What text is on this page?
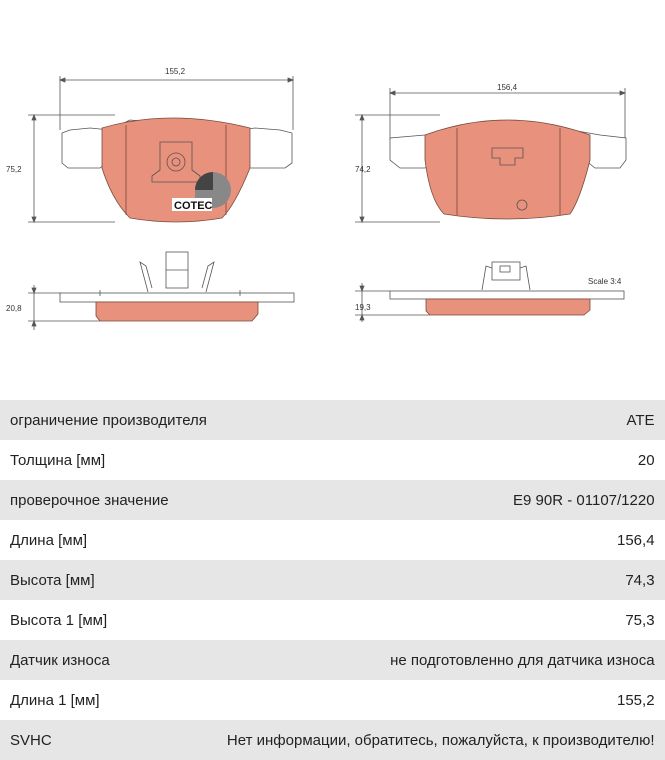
155,2
75,2
COTEC
156,4
74,2
20,8	19,3
Scale 3:4
ограничение производителя	ATE
Толщина [мм]	20
проверочное значение	E9 90R - 01107/1220
Длина [мм]	156,4
Высота [мм]	74,3
Высота 1 [мм]	75,3
Датчик износа	не подготовленно для датчика износа
Длина 1 [мм]	155,2
SVHC	Нет информации, обратитесь, пожалуйста, к производителю!
